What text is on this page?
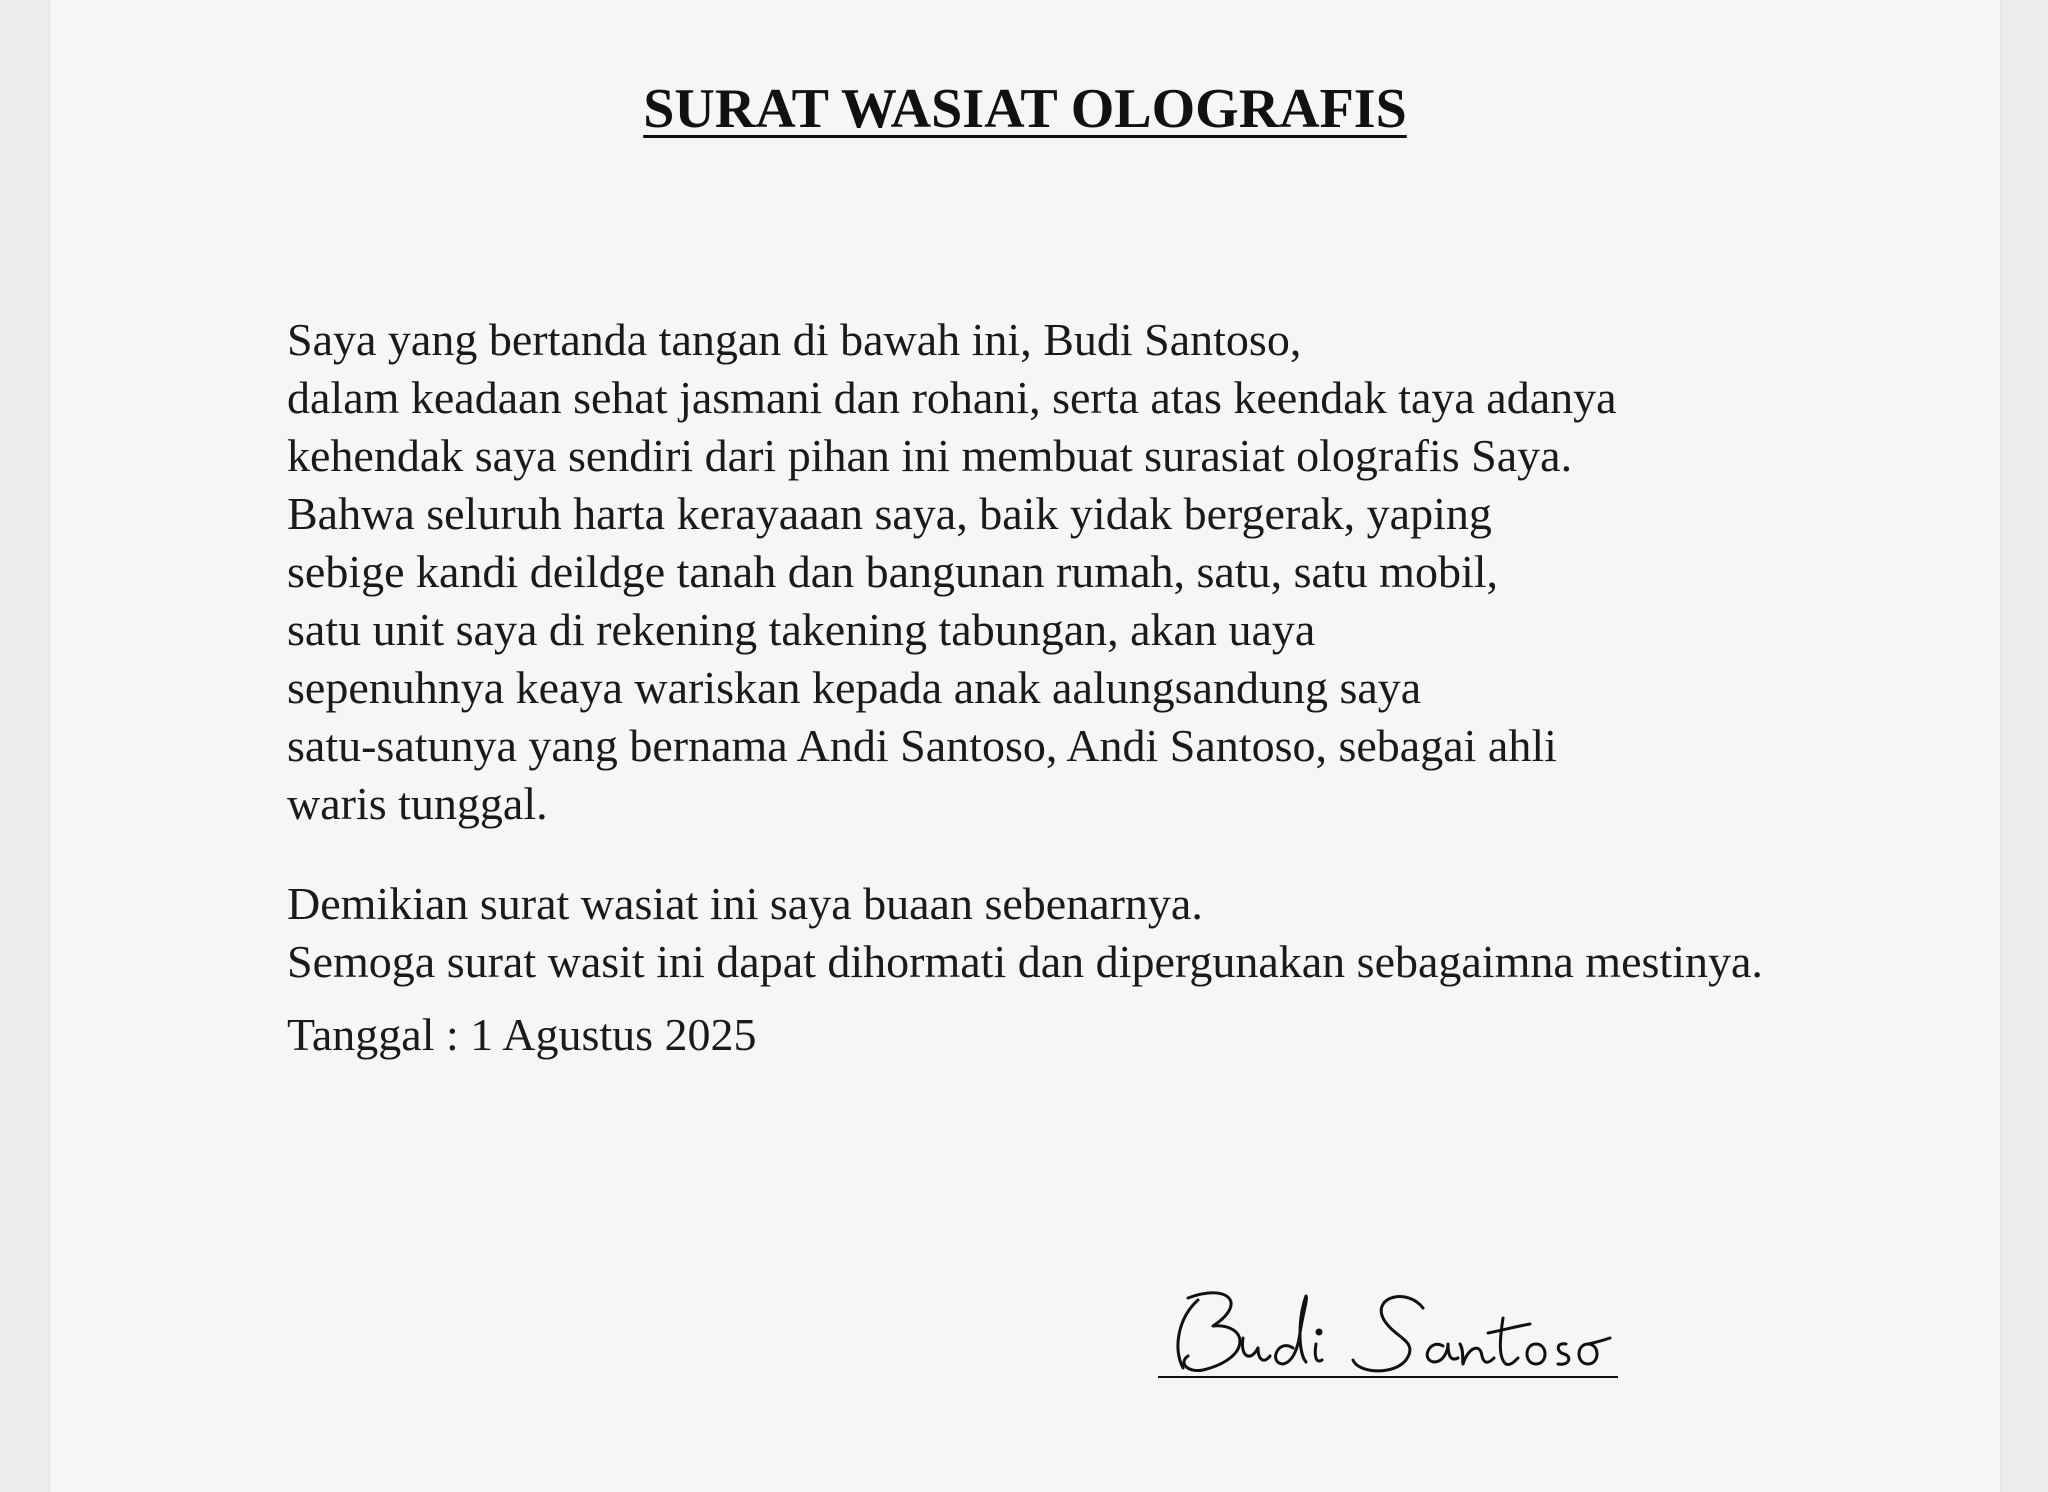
SURAT WASIAT OLOGRAFIS
Saya yang bertanda tangan di bawah ini, Budi Santoso,
dalam keadaan sehat jasmani dan rohani, serta atas keendak taya adanya
kehendak saya sendiri dari pihan ini membuat surasiat olografis Saya.
Bahwa seluruh harta kerayaaan saya, baik yidak bergerak, yaping
sebige kandi deildge tanah dan bangunan rumah, satu, satu mobil,
satu unit saya di rekening takening tabungan, akan uaya
sepenuhnya keaya wariskan kepada anak aalungsandung saya
satu-satunya yang bernama Andi Santoso, Andi Santoso, sebagai ahli
waris tunggal.
Demikian surat wasiat ini saya buaan sebenarnya.
Semoga surat wasit ini dapat dihormati dan dipergunakan sebagaimna mestinya.
Tanggal : 1 Agustus 2025
